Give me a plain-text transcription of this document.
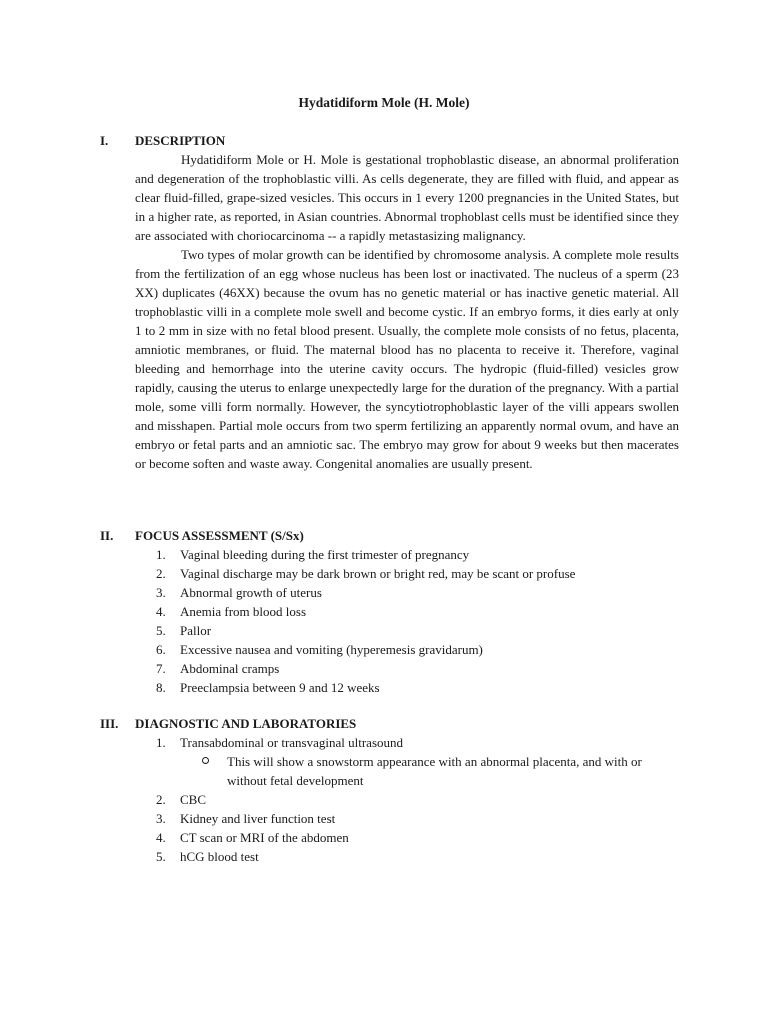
Hydatidiform Mole (H. Mole)
I. DESCRIPTION

Hydatidiform Mole or H. Mole is gestational trophoblastic disease, an abnormal proliferation and degeneration of the trophoblastic villi. As cells degenerate, they are filled with fluid, and appear as clear fluid-filled, grape-sized vesicles. This occurs in 1 every 1200 pregnancies in the United States, but in a higher rate, as reported, in Asian countries. Abnormal trophoblast cells must be identified since they are associated with choriocarcinoma -- a rapidly metastasizing malignancy.

Two types of molar growth can be identified by chromosome analysis. A complete mole results from the fertilization of an egg whose nucleus has been lost or inactivated. The nucleus of a sperm (23 XX) duplicates (46XX) because the ovum has no genetic material or has inactive genetic material. All trophoblastic villi in a complete mole swell and become cystic. If an embryo forms, it dies early at only 1 to 2 mm in size with no fetal blood present. Usually, the complete mole consists of no fetus, placenta, amniotic membranes, or fluid. The maternal blood has no placenta to receive it. Therefore, vaginal bleeding and hemorrhage into the uterine cavity occurs. The hydropic (fluid-filled) vesicles grow rapidly, causing the uterus to enlarge unexpectedly large for the duration of the pregnancy. With a partial mole, some villi form normally. However, the syncytiotrophoblastic layer of the villi appears swollen and misshapen. Partial mole occurs from two sperm fertilizing an apparently normal ovum, and have an embryo or fetal parts and an amniotic sac. The embryo may grow for about 9 weeks but then macerates or become soften and waste away. Congenital anomalies are usually present.

II. FOCUS ASSESSMENT (S/Sx)
1. Vaginal bleeding during the first trimester of pregnancy
2. Vaginal discharge may be dark brown or bright red, may be scant or profuse
3. Abnormal growth of uterus
4. Anemia from blood loss
5. Pallor
6. Excessive nausea and vomiting (hyperemesis gravidarum)
7. Abdominal cramps
8. Preeclampsia between 9 and 12 weeks
III. DIAGNOSTIC AND LABORATORIES
1. Transabdominal or transvaginal ultrasound
This will show a snowstorm appearance with an abnormal placenta, and with or without fetal development
2. CBC
3. Kidney and liver function test
4. CT scan or MRI of the abdomen
5. hCG blood test
